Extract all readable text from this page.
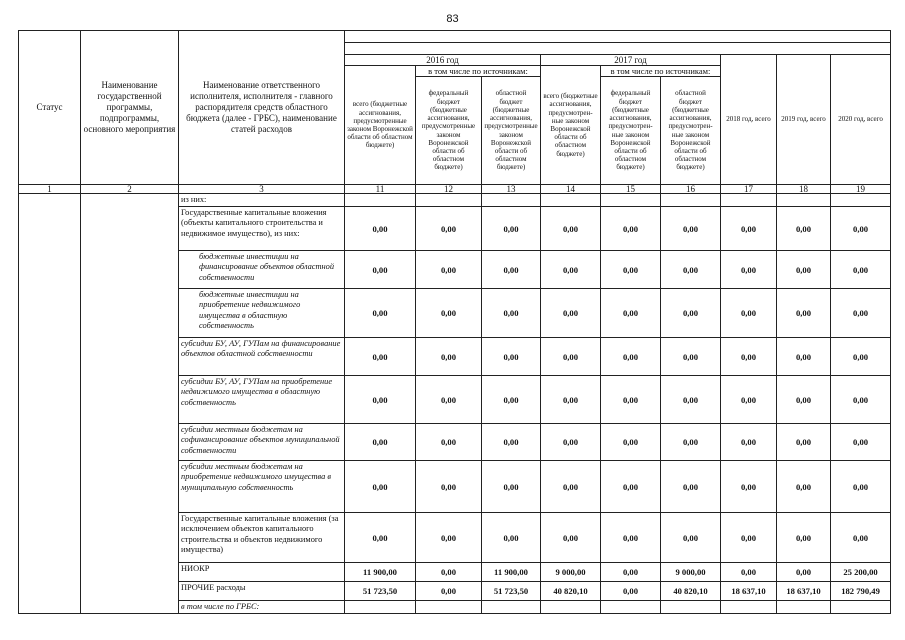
83
Статус	Наименование государственной программы, подпрограммы, основного мероприятия	Наименование ответственного исполнителя, исполнителя - главного распорядителя средств областного бюджета (далее - ГРБС), наименование статей расходов									

			2016 год			2017 год			2018 год, всего	2019 год, всего	2020 год, всего
			всего (бюджетные ассигнования, предусмотренные законом Воронежской области об областном бюджете)	в том числе по источникам:		всего (бюджетные ассигнования, предусмотрен-ные законом Воронежской области об областном бюджете)	в том числе по источникам:				
				федеральный бюджет (бюджетные ассигнования, предусмотренные законом Воронежской области об областном бюджете)	областной бюджет (бюджетные ассигнования, предусмотренные законом Воронежской области об областном бюджете)		федеральный бюджет (бюджетные ассигнования, предусмотрен-ные законом Воронежской области об областном бюджете)	областной бюджет (бюджетные ассигнования, предусмотрен-ные законом Воронежской области об областном бюджете)			

1	2	3	11	12	13	14	15	16	17	18	19
		из них:									
		Государственные капитальные вложения (объекты капитального строительства и недвижимое имущество), из них:	0,00	0,00	0,00	0,00	0,00	0,00	0,00	0,00	0,00
		бюджетные инвестиции на финансирование объектов областной собственности	0,00	0,00	0,00	0,00	0,00	0,00	0,00	0,00	0,00
		бюджетные инвестиции на приобретение недвижимого имущества в областную собственность	0,00	0,00	0,00	0,00	0,00	0,00	0,00	0,00	0,00
		субсидии БУ, АУ, ГУПам на финансирование объектов областной собственности	0,00	0,00	0,00	0,00	0,00	0,00	0,00	0,00	0,00
		субсидии БУ, АУ, ГУПам на приобретение недвижимого имущества в областную собственность	0,00	0,00	0,00	0,00	0,00	0,00	0,00	0,00	0,00
		субсидии местным бюджетам на софинансирование объектов муниципальной собственности	0,00	0,00	0,00	0,00	0,00	0,00	0,00	0,00	0,00
		субсидии местным бюджетам на приобретение недвижимого имущества в муниципальную собственность	0,00	0,00	0,00	0,00	0,00	0,00	0,00	0,00	0,00
		Государственные капитальные вложения (за исключением объектов капитального строительства и объектов недвижимого имущества)	0,00	0,00	0,00	0,00	0,00	0,00	0,00	0,00	0,00
		НИОКР	11 900,00	0,00	11 900,00	9 000,00	0,00	9 000,00	0,00	0,00	25 200,00
		ПРОЧИЕ расходы	51 723,50	0,00	51 723,50	40 820,10	0,00	40 820,10	18 637,10	18 637,10	182 790,49
		в том числе по ГРБС:									
